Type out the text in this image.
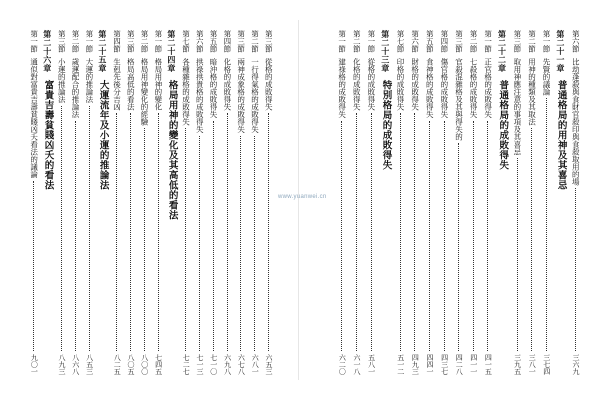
第三節
從格的成敗得失
六五三
第二節
一行得氣格的成敗得失
六八一
第三節
兩神成象格的成敗得失
六七八
第四節
化格的成敗得失
六九八
第五節
暗沖格的成敗得失
七一〇
第六節
拱祿拱貴格的成敗得失
七一三
第七節
各種雜格的成敗得失
七二七
第二十四章
格局用神的變化及其高低的看法
第一節
格局用神的變化
七四五
第二節
格局用神變化的經驗
八〇〇
第三節
格局高低的看法
八〇五
第四節
生剋先後分吉凶
八二五
第二十五章
大運流年及小運的推論法
第一節
大運的推論法
八五三
第二節
歲運配合的推論法
八六八
第三節
小運的推論法
八九三
第二十六章
富貴吉壽貧賤凶夭的看法
第一節
通似對富貴吉壽貧賤凶夭看法的議論
九〇一
第六節
比劫蓬殺與食財官殺印與食殺取用的場
三六九
第二十一章
普通格局的用神及其喜忌
第一節
先賢的議論
三七四
第二節
用神的種類及其取法
三八一
第三節
取用神應注意的事項及其喜忌
三九五
第二十二章
普通格局的成敗得失
第一節
正官格的成敗得失
四一五
第二節
七殺格的成敗得失
四一一
第三節
官殺混雜格及其與得失的
四二八
第四節
傷官格的成敗得失
四三七
第五節
食神格的成敗得失
四四一
第六節
財格的成敗得失
四九三
第七節
印格的成敗得失
五一二
第二十三章
特別格局的成敗得失
第一節
從格的成敗得失
五八一
第二節
化格的成敗得失
六一八
第一節
建祿格的成敗得失
六二〇
www.yuanwei.cn
